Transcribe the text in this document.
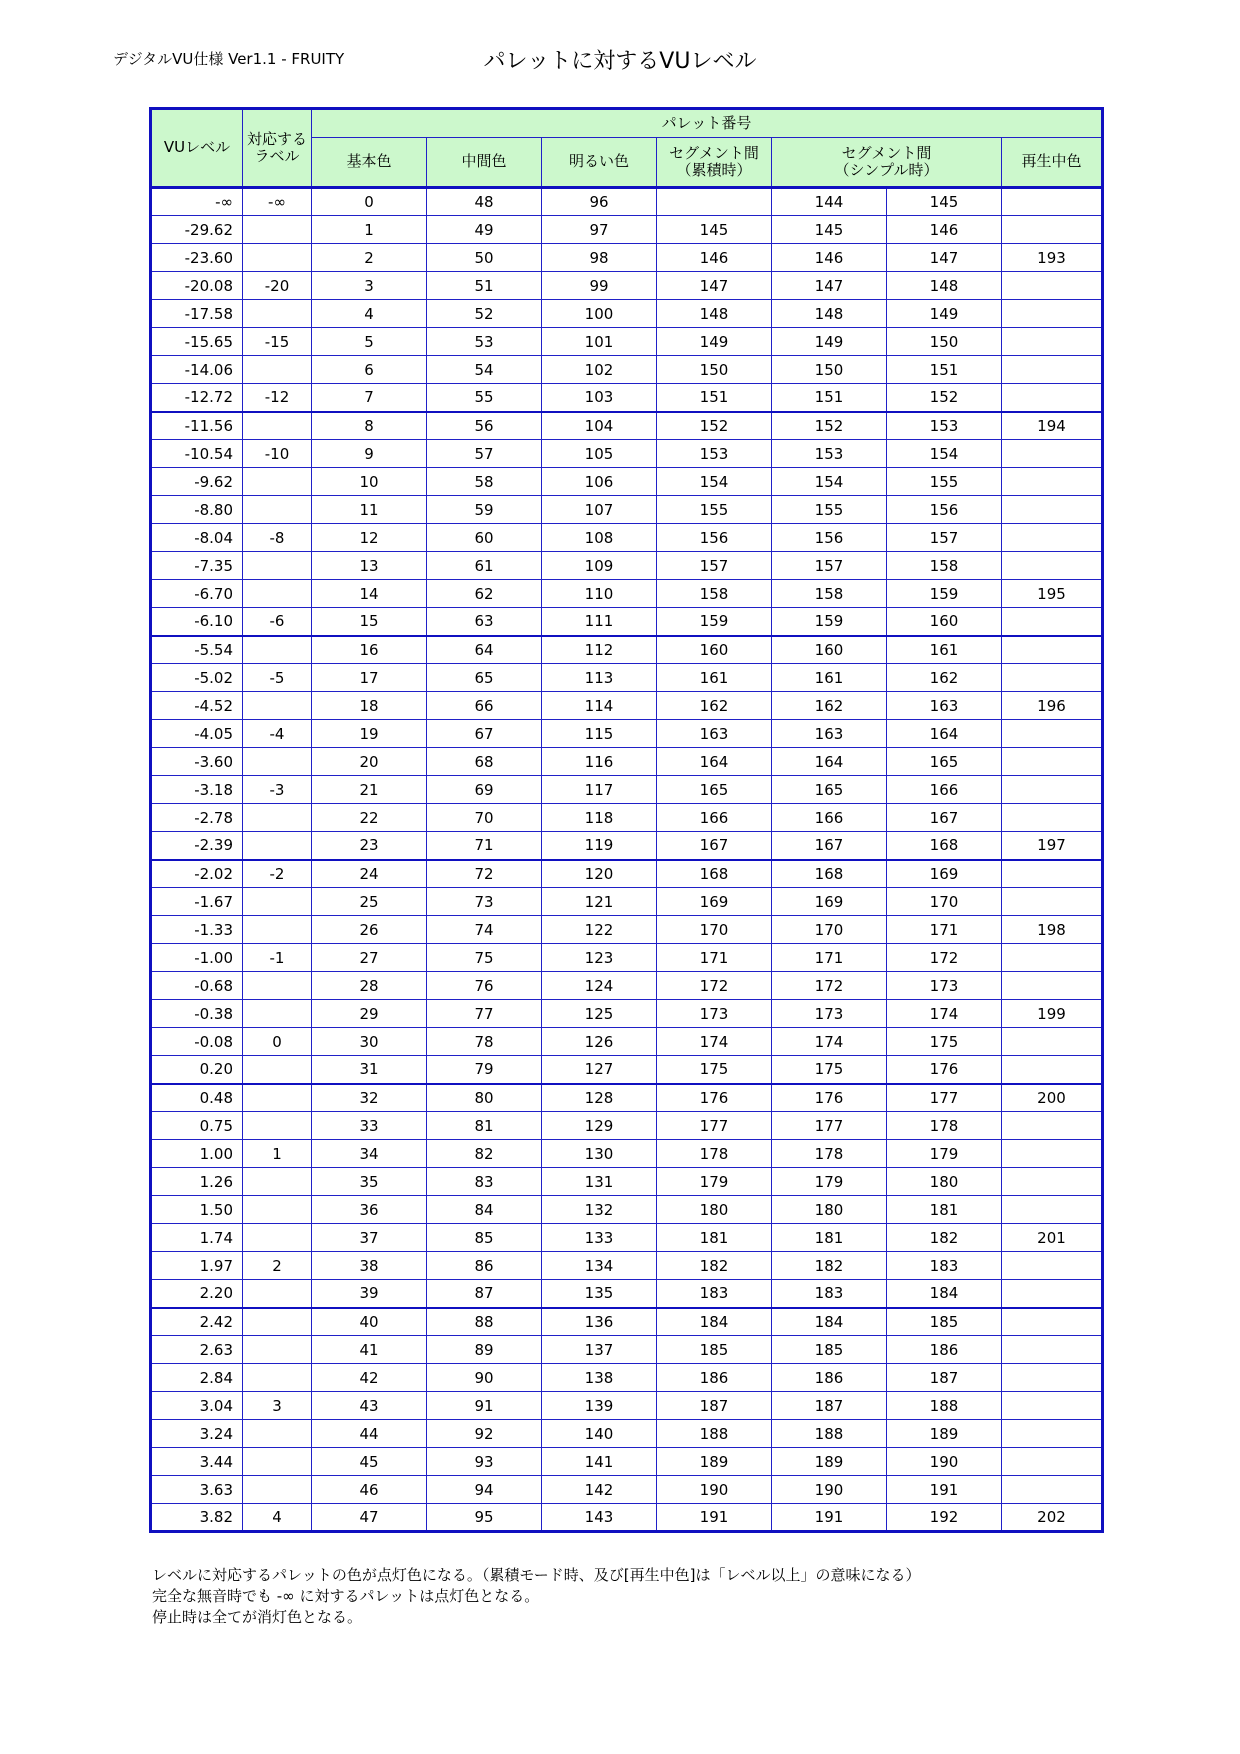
デジタルVU仕様 Ver1.1 - FRUITY	パレットに対するVUレベル
VUレベル	対応するラベル	パレット番号						
		基本色	中間色	明るい色	セグメント間
（累積時）	セグメント間
（シンプル時）		再生中色
-∞	-∞	0	48	96		144	145	
-29.62		1	49	97	145	145	146	
-23.60		2	50	98	146	146	147	193
-20.08	-20	3	51	99	147	147	148	
-17.58		4	52	100	148	148	149	
-15.65	-15	5	53	101	149	149	150	
-14.06		6	54	102	150	150	151	
-12.72	-12	7	55	103	151	151	152	
-11.56		8	56	104	152	152	153	194
-10.54	-10	9	57	105	153	153	154	
-9.62		10	58	106	154	154	155	
-8.80		11	59	107	155	155	156	
-8.04	-8	12	60	108	156	156	157	
-7.35		13	61	109	157	157	158	
-6.70		14	62	110	158	158	159	195
-6.10	-6	15	63	111	159	159	160	
-5.54		16	64	112	160	160	161	
-5.02	-5	17	65	113	161	161	162	
-4.52		18	66	114	162	162	163	196
-4.05	-4	19	67	115	163	163	164	
-3.60		20	68	116	164	164	165	
-3.18	-3	21	69	117	165	165	166	
-2.78		22	70	118	166	166	167	
-2.39		23	71	119	167	167	168	197
-2.02	-2	24	72	120	168	168	169	
-1.67		25	73	121	169	169	170	
-1.33		26	74	122	170	170	171	198
-1.00	-1	27	75	123	171	171	172	
-0.68		28	76	124	172	172	173	
-0.38		29	77	125	173	173	174	199
-0.08	0	30	78	126	174	174	175	
0.20		31	79	127	175	175	176	
0.48		32	80	128	176	176	177	200
0.75		33	81	129	177	177	178	
1.00	1	34	82	130	178	178	179	
1.26		35	83	131	179	179	180	
1.50		36	84	132	180	180	181	
1.74		37	85	133	181	181	182	201
1.97	2	38	86	134	182	182	183	
2.20		39	87	135	183	183	184	
2.42		40	88	136	184	184	185	
2.63		41	89	137	185	185	186	
2.84		42	90	138	186	186	187	
3.04	3	43	91	139	187	187	188	
3.24		44	92	140	188	188	189	
3.44		45	93	141	189	189	190	
3.63		46	94	142	190	190	191	
3.82	4	47	95	143	191	191	192	202
レベルに対応するパレットの色が点灯色になる。（累積モード時、及び[再生中色]は「レベル以上」の意味になる）
完全な無音時でも -∞ に対するパレットは点灯色となる。
停止時は全てが消灯色となる。
